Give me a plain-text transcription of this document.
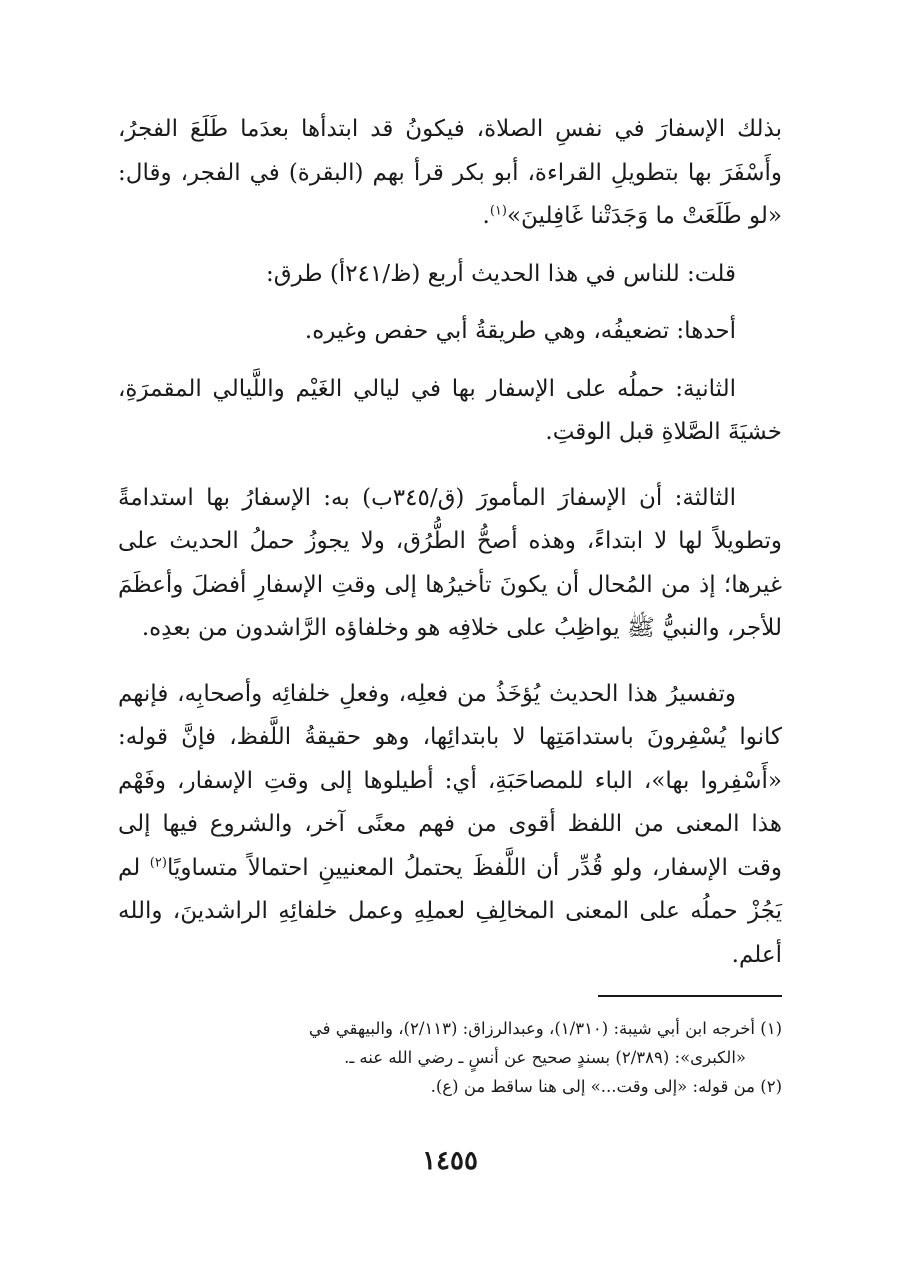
بذلك الإسفارَ في نفسِ الصلاة، فيكونُ قد ابتدأها بعدَما طَلَعَ الفجرُ، وأَسْفَرَ بها بتطويلِ القراءة، أبو بكر قرأ بهم (البقرة) في الفجر، وقال: «لو طَلَعَتْ ما وَجَدَتْنا غَافِلينَ»$^{(١)}$.

قلت: للناس في هذا الحديث أربع (ظ/٢٤١أ) طرق:

أحدها: تضعيفُه، وهي طريقةُ أبي حفص وغيره.

الثانية: حملُه على الإسفار بها في ليالي الغَيْم واللَّيالي المقمرَةِ، خشيَةَ الصَّلاةِ قبل الوقتِ.

الثالثة: أن الإسفارَ المأمورَ (ق/٣٤٥ب) به: الإسفارُ بها استدامةً وتطويلاً لها لا ابتداءً، وهذه أصحُّ الطُّرُق، ولا يجوزُ حملُ الحديث على غيرها؛ إذ من المُحال أن يكونَ تأخيرُها إلى وقتِ الإسفارِ أفضلَ وأعظَمَ للأجر، والنبيُّ ﷺ يواظِبُ على خلافِه هو وخلفاؤه الرَّاشدون من بعدِه.

وتفسيرُ هذا الحديث يُؤخَذُ من فعلِه، وفعلِ خلفائِه وأصحابِه، فإنهم كانوا يُسْفِرونَ باستدامَتِها لا بابتدائِها، وهو حقيقةُ اللَّفظ، فإنَّ قوله: «أَسْفِروا بها»، الباء للمصاحَبَةِ، أي: أطيلوها إلى وقتِ الإسفار، وفَهْم هذا المعنى من اللفظ أقوى من فهم معنًى آخر، والشروع فيها إلى وقت الإسفار، ولو قُدِّر أن اللَّفظَ يحتملُ المعنيينِ احتمالاً متساويًا$^{(٢)}$ لم يَجُزْ حملُه على المعنى المخالِفِ لعملِهِ وعمل خلفائِهِ الراشدينَ، والله أعلم.

(١) أخرجه ابن أبي شيبة: (١/٣١٠)، وعبدالرزاق: (٢/١١٣)، والبيهقي في

«الكبرى»: (٢/٣٨٩) بسندٍ صحيح عن أنسٍ ـ رضي الله عنه ـ.

(٢) من قوله: «إلى وقت...» إلى هنا ساقط من (ع).

١٤٥٥
